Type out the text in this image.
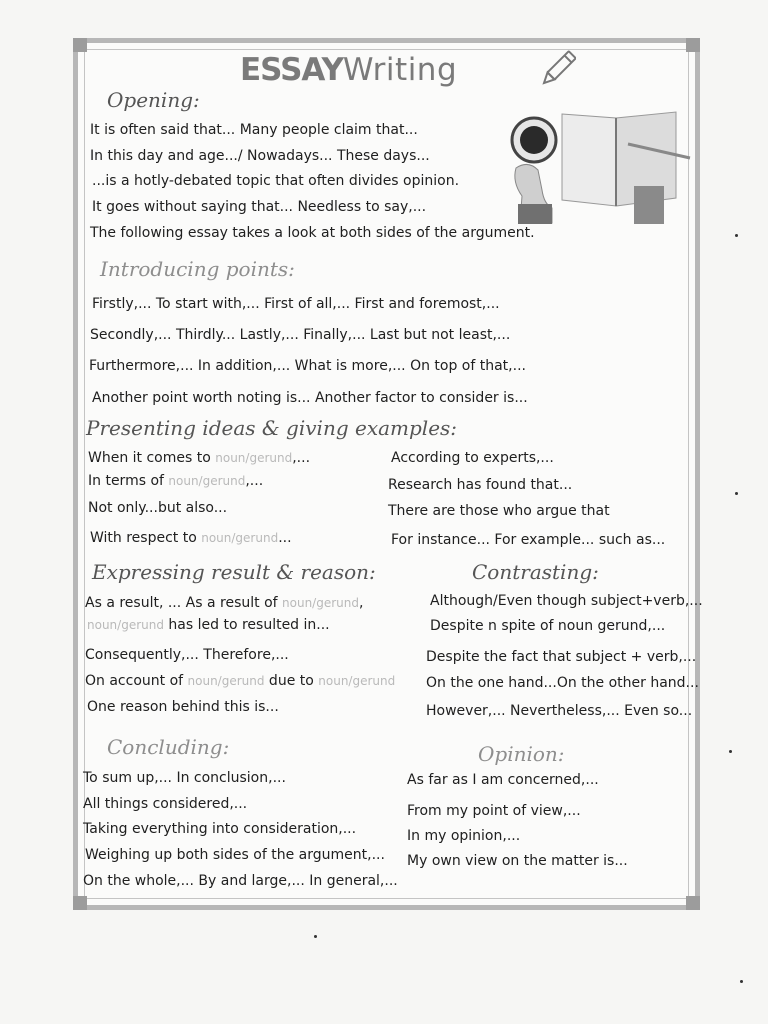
ESSAYWriting
Opening:
It is often said that... Many people claim that...
In this day and age.../ Nowadays... These days...
...is a hotly-debated topic that often divides opinion.
It goes without saying that... Needless to say,...
The following essay takes a look at both sides of the argument.
Introducing points:
Firstly,... To start with,... First of all,... First and foremost,...
Secondly,... Thirdly... Lastly,... Finally,... Last but not least,...
Furthermore,... In addition,... What is more,... On top of that,...
Another point worth noting is... Another factor to consider is...
Presenting ideas & giving examples:
When it comes to noun/gerund,...
In terms of noun/gerund,...
Not only...but also...
With respect to noun/gerund...
According to experts,...
Research has found that...
There are those who argue that
For instance... For example... such as...
Expressing result & reason:
As a result, ... As a result of noun/gerund,
noun/gerund has led to resulted in...
Consequently,... Therefore,...
On account of noun/gerund due to noun/gerund
One reason behind this is...
Contrasting:
Although/Even though subject+verb,...
Despite n spite of noun gerund,...
Despite the fact that subject + verb,...
On the one hand...On the other hand...
However,... Nevertheless,... Even so...
Concluding:
To sum up,... In conclusion,...
All things considered,...
Taking everything into consideration,...
Weighing up both sides of the argument,...
On the whole,... By and large,... In general,...
Opinion:
As far as I am concerned,...
From my point of view,...
In my opinion,...
My own view on the matter is...
